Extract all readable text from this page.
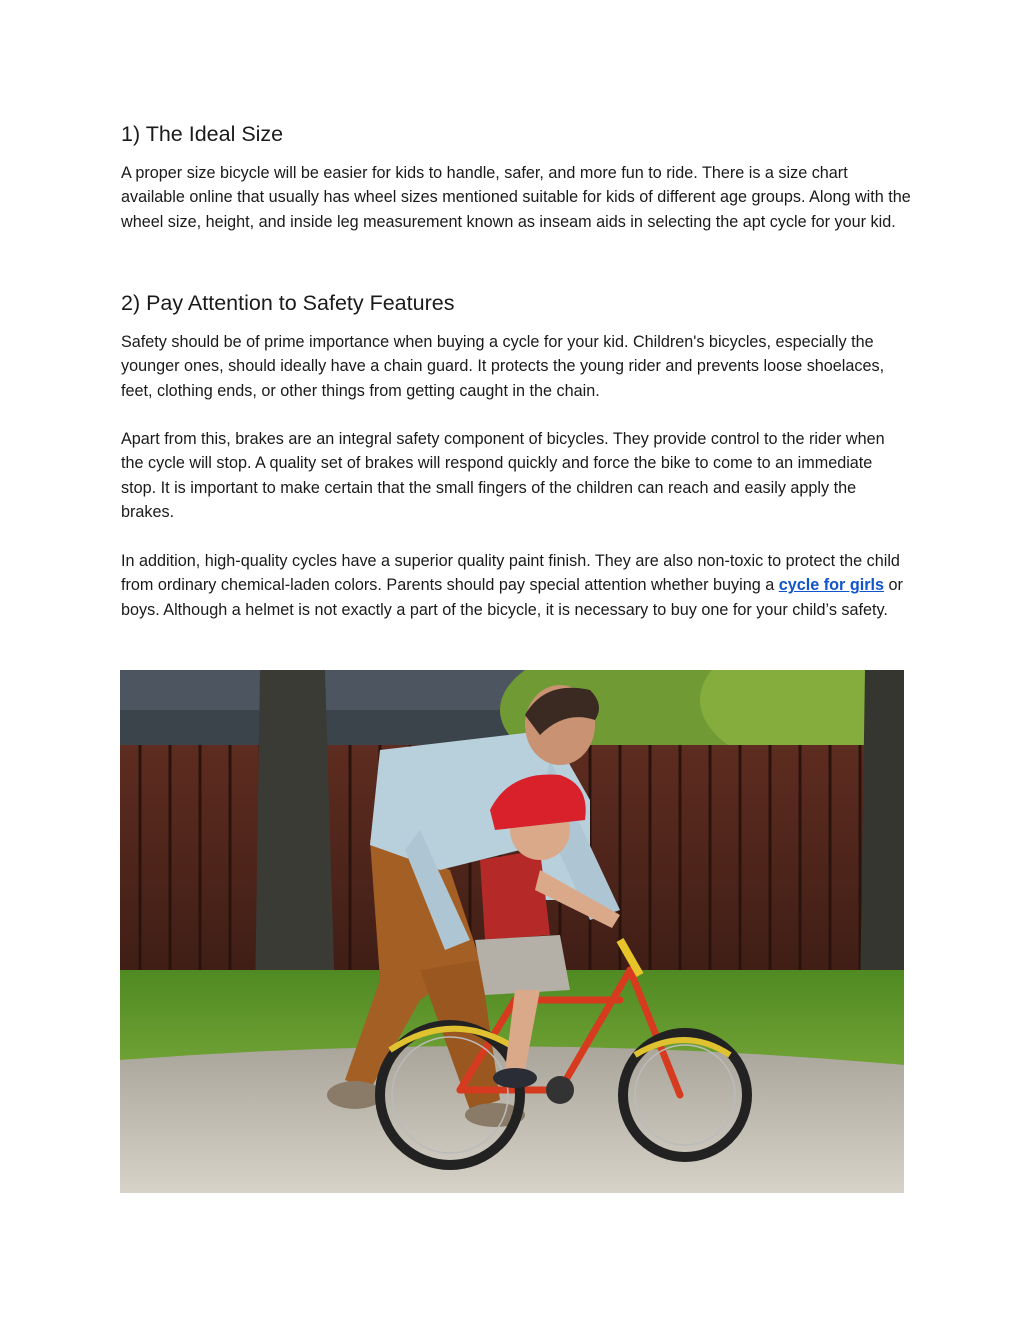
1) The Ideal Size

A proper size bicycle will be easier for kids to handle, safer, and more fun to ride. There is a size chart available online that usually has wheel sizes mentioned suitable for kids of different age groups. Along with the wheel size, height, and inside leg measurement known as inseam aids in selecting the apt cycle for your kid.

2) Pay Attention to Safety Features

Safety should be of prime importance when buying a cycle for your kid. Children's bicycles, especially the younger ones, should ideally have a chain guard. It protects the young rider and prevents loose shoelaces, feet, clothing ends, or other things from getting caught in the chain.

Apart from this, brakes are an integral safety component of bicycles. They provide control to the rider when the cycle will stop. A quality set of brakes will respond quickly and force the bike to come to an immediate stop. It is important to make certain that the small fingers of the children can reach and easily apply the brakes.

In addition, high-quality cycles have a superior quality paint finish. They are also non-toxic to protect the child from ordinary chemical-laden colors. Parents should pay special attention whether buying a cycle for girls or boys. Although a helmet is not exactly a part of the bicycle, it is necessary to buy one for your child’s safety.
